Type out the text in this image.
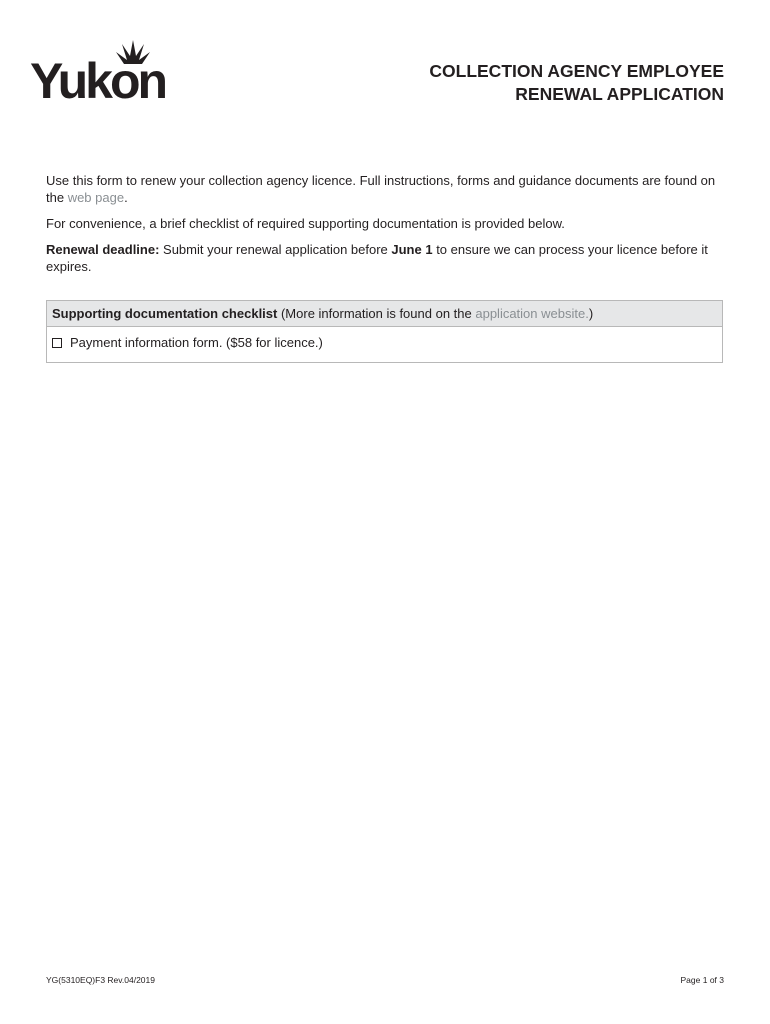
Yukon	COLLECTION AGENCY EMPLOYEE
RENEWAL APPLICATION

Use this form to renew your collection agency licence. Full instructions, forms and guidance documents are found on the web page.

For convenience, a brief checklist of required supporting documentation is provided below.

Renewal deadline: Submit your renewal application before June 1 to ensure we can process your licence before it expires.

Supporting documentation checklist (More information is found on the application website.)
Payment information form. ($58 for licence.)
YG(5310EQ)F3 Rev.04/2019	Page 1 of 3
